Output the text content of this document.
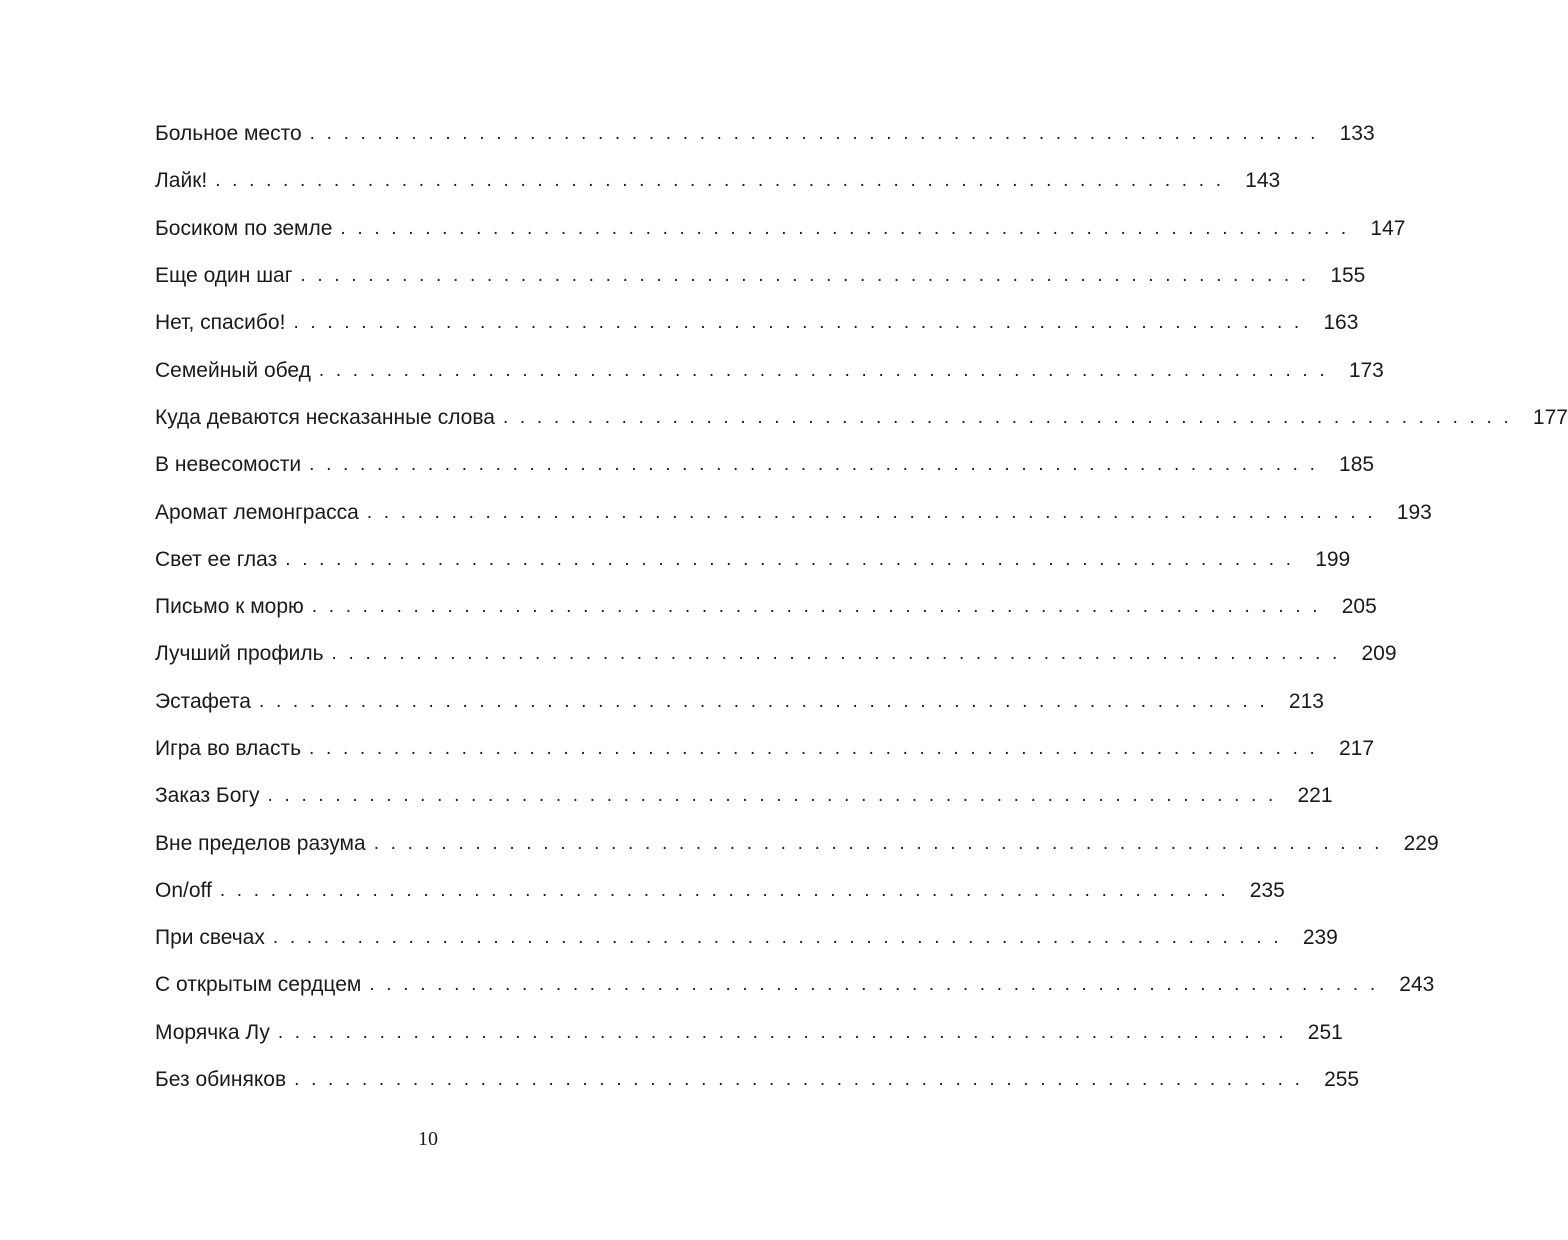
Больное место . . . . . . . . . . . . . . . . . . . . . . . . . . . . . . . . . . . . . . . . . . . . . . . . . . . . . . . . . . . . 133
Лайк! . . . . . . . . . . . . . . . . . . . . . . . . . . . . . . . . . . . . . . . . . . . . . . . . . . . . . . . . . . . . 143
Босиком по земле . . . . . . . . . . . . . . . . . . . . . . . . . . . . . . . . . . . . . . . . . . . . . . . . . . . . . . . . . . . . 147
Еще один шаг . . . . . . . . . . . . . . . . . . . . . . . . . . . . . . . . . . . . . . . . . . . . . . . . . . . . . . . . . . . . 155
Нет, спасибо! . . . . . . . . . . . . . . . . . . . . . . . . . . . . . . . . . . . . . . . . . . . . . . . . . . . . . . . . . . . . 163
Семейный обед . . . . . . . . . . . . . . . . . . . . . . . . . . . . . . . . . . . . . . . . . . . . . . . . . . . . . . . . . . . . 173
Куда деваются несказанные слова . . . . . . . . . . . . . . . . . . . . . . . . . . . . . . . . . . . . . . . . . . . . . . . . . . . . . . . . . . . . 177
В невесомости . . . . . . . . . . . . . . . . . . . . . . . . . . . . . . . . . . . . . . . . . . . . . . . . . . . . . . . . . . . . 185
Аромат лемонграсса . . . . . . . . . . . . . . . . . . . . . . . . . . . . . . . . . . . . . . . . . . . . . . . . . . . . . . . . . . . . 193
Свет ее глаз . . . . . . . . . . . . . . . . . . . . . . . . . . . . . . . . . . . . . . . . . . . . . . . . . . . . . . . . . . . . 199
Письмо к морю . . . . . . . . . . . . . . . . . . . . . . . . . . . . . . . . . . . . . . . . . . . . . . . . . . . . . . . . . . . . 205
Лучший профиль . . . . . . . . . . . . . . . . . . . . . . . . . . . . . . . . . . . . . . . . . . . . . . . . . . . . . . . . . . . . 209
Эстафета . . . . . . . . . . . . . . . . . . . . . . . . . . . . . . . . . . . . . . . . . . . . . . . . . . . . . . . . . . . . 213
Игра во власть . . . . . . . . . . . . . . . . . . . . . . . . . . . . . . . . . . . . . . . . . . . . . . . . . . . . . . . . . . . . 217
Заказ Богу . . . . . . . . . . . . . . . . . . . . . . . . . . . . . . . . . . . . . . . . . . . . . . . . . . . . . . . . . . . . 221
Вне пределов разума . . . . . . . . . . . . . . . . . . . . . . . . . . . . . . . . . . . . . . . . . . . . . . . . . . . . . . . . . . . . 229
On/off . . . . . . . . . . . . . . . . . . . . . . . . . . . . . . . . . . . . . . . . . . . . . . . . . . . . . . . . . . . . 235
При свечах . . . . . . . . . . . . . . . . . . . . . . . . . . . . . . . . . . . . . . . . . . . . . . . . . . . . . . . . . . . . 239
С открытым сердцем . . . . . . . . . . . . . . . . . . . . . . . . . . . . . . . . . . . . . . . . . . . . . . . . . . . . . . . . . . . . 243
Морячка Лу . . . . . . . . . . . . . . . . . . . . . . . . . . . . . . . . . . . . . . . . . . . . . . . . . . . . . . . . . . . . 251
Без обиняков . . . . . . . . . . . . . . . . . . . . . . . . . . . . . . . . . . . . . . . . . . . . . . . . . . . . . . . . . . . . 255
10
